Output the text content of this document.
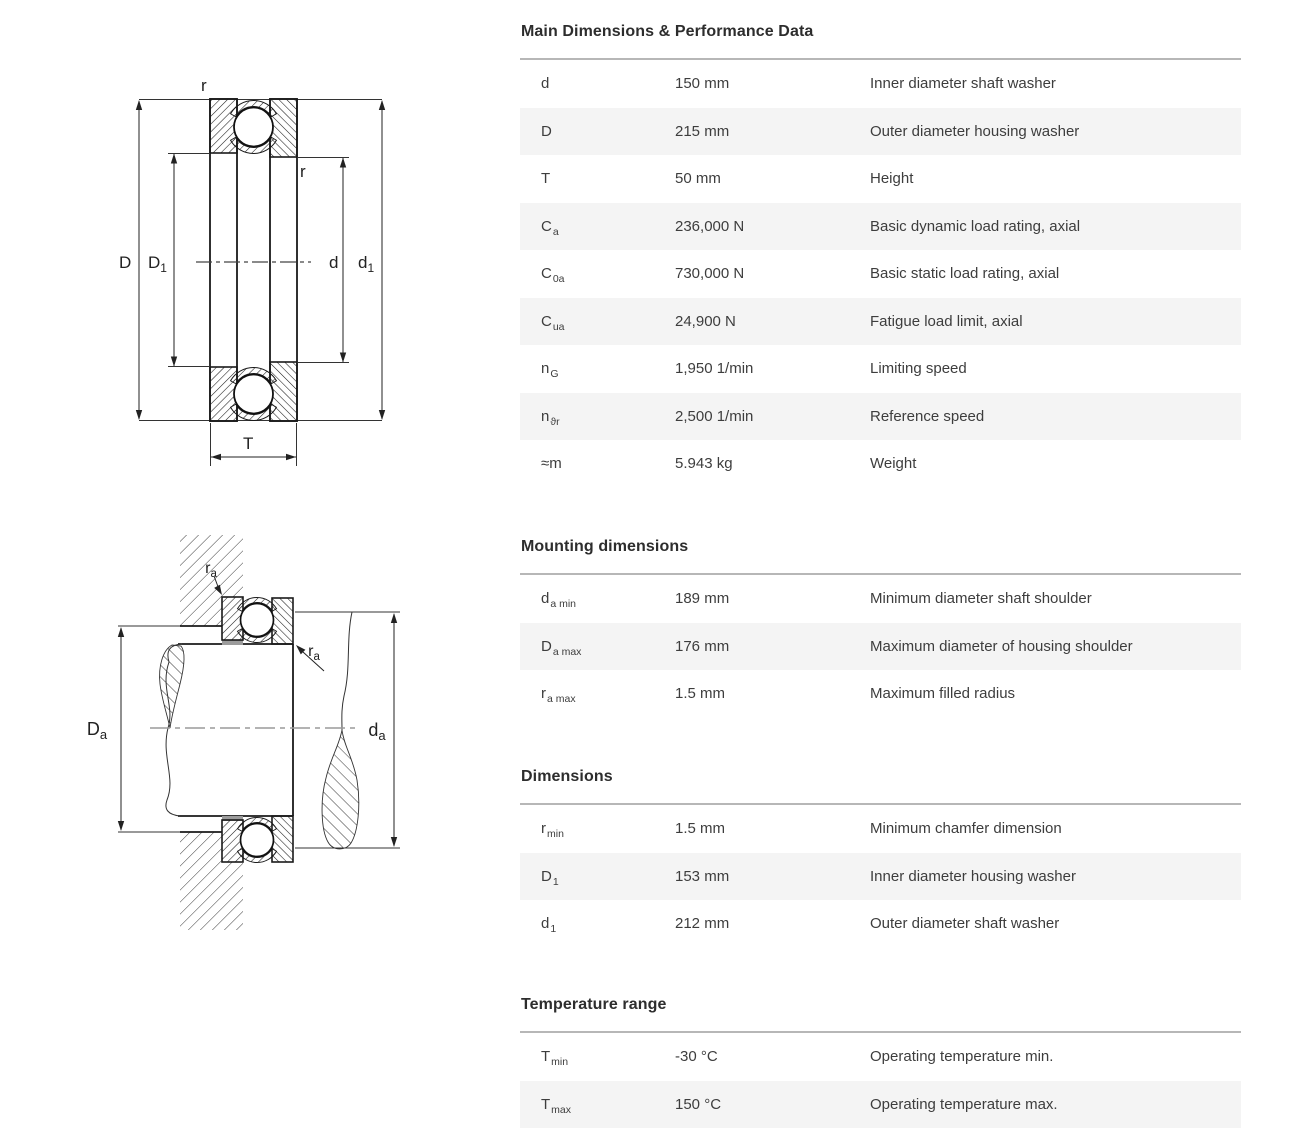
r
r
D $D_1$	d $d_1$
T
$r_a$
$r_a$
$D_a$	$d_a$
Main Dimensions & Performance Data
d	150 mm	Inner diameter shaft washer
D	215 mm	Outer diameter housing washer
T	50 mm	Height
$C_a$	236,000 N	Basic dynamic load rating, axial
$C_{0a}$	730,000 N	Basic static load rating, axial
$C_{ua}$	24,900 N	Fatigue load limit, axial
$n_G$	1,950 1/min	Limiting speed
$n_{ϑr}$	2,500 1/min	Reference speed
≈m	5.943 kg	Weight
Mounting dimensions
$d_{a min}$	189 mm	Minimum diameter shaft shoulder
$D_{a max}$	176 mm	Maximum diameter of housing shoulder
$r_{a max}$	1.5 mm	Maximum filled radius
Dimensions
$r_{min}$	1.5 mm	Minimum chamfer dimension
$D_1$	153 mm	Inner diameter housing washer
$d_1$	212 mm	Outer diameter shaft washer
Temperature range
$T_{min}$	-30 °C	Operating temperature min.
$T_{max}$	150 °C	Operating temperature max.
